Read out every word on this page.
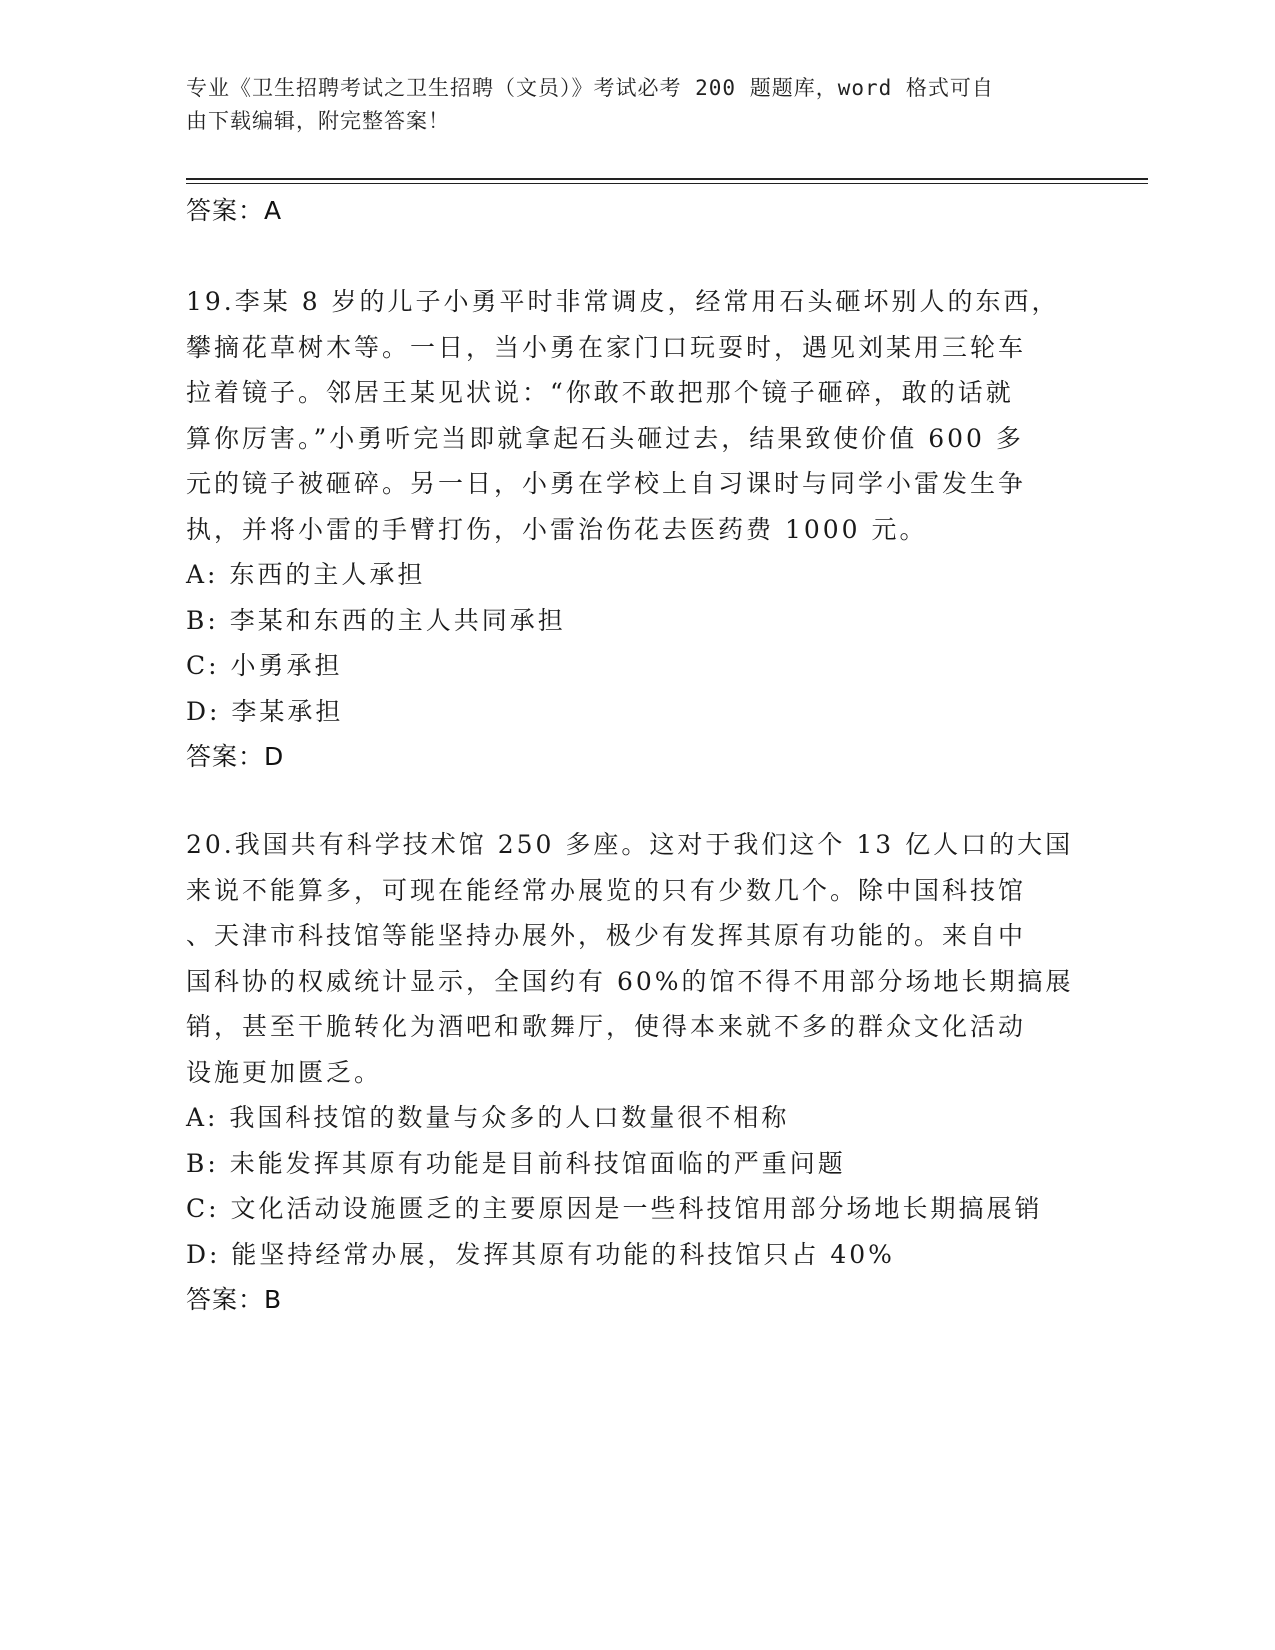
专业《卫生招聘考试之卫生招聘（文员）》考试必考 200 题题库，word 格式可自
由下载编辑，附完整答案！
答案：A

19.李某 8 岁的儿子小勇平时非常调皮，经常用石头砸坏别人的东西，

攀摘花草树木等。一日，当小勇在家门口玩耍时，遇见刘某用三轮车

拉着镜子。邻居王某见状说：“你敢不敢把那个镜子砸碎，敢的话就

算你厉害。”小勇听完当即就拿起石头砸过去，结果致使价值 600 多

元的镜子被砸碎。另一日，小勇在学校上自习课时与同学小雷发生争

执，并将小雷的手臂打伤，小雷治伤花去医药费 1000 元。

A: 东西的主人承担

B: 李某和东西的主人共同承担

C: 小勇承担

D: 李某承担

答案：D

20.我国共有科学技术馆 250 多座。这对于我们这个 13 亿人口的大国

来说不能算多，可现在能经常办展览的只有少数几个。除中国科技馆

、天津市科技馆等能坚持办展外，极少有发挥其原有功能的。来自中

国科协的权威统计显示，全国约有 60%的馆不得不用部分场地长期搞展

销，甚至干脆转化为酒吧和歌舞厅，使得本来就不多的群众文化活动

设施更加匮乏。

A: 我国科技馆的数量与众多的人口数量很不相称

B: 未能发挥其原有功能是目前科技馆面临的严重问题

C: 文化活动设施匮乏的主要原因是一些科技馆用部分场地长期搞展销

D: 能坚持经常办展，发挥其原有功能的科技馆只占 40%

答案：B
